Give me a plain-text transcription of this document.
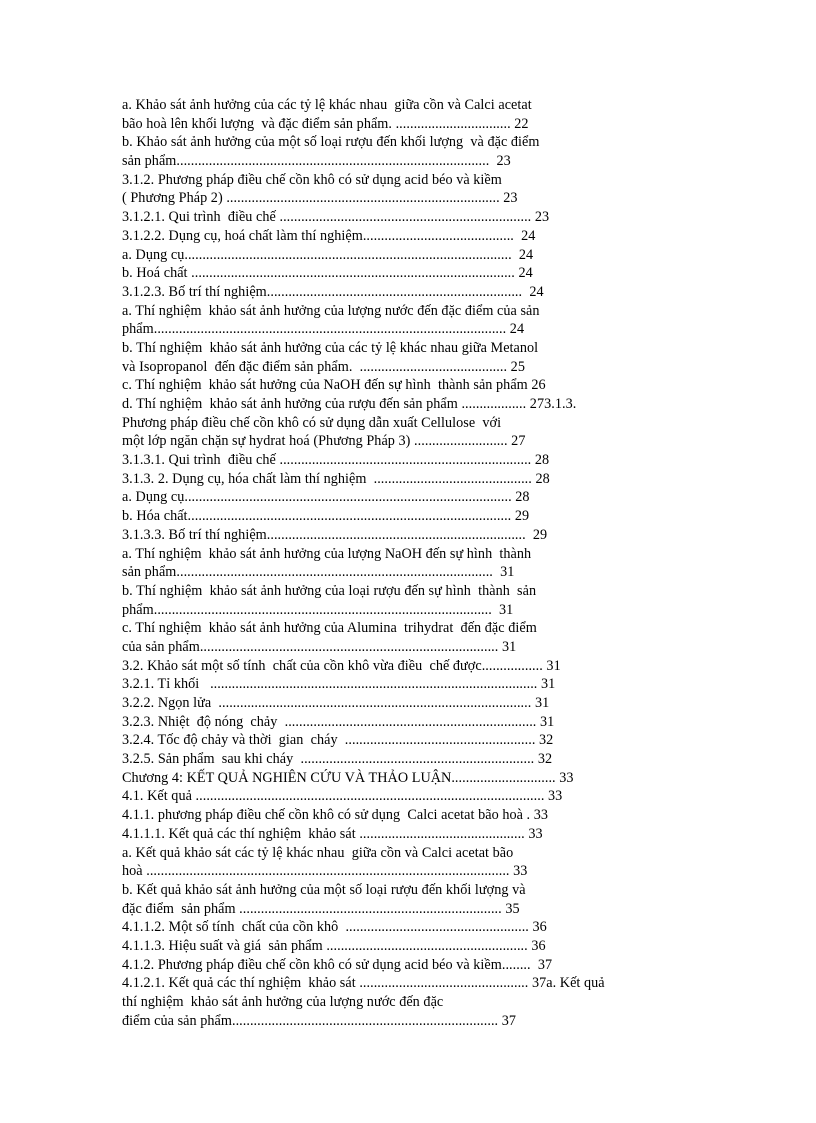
a. Khảo sát ảnh hưởng của các tỷ lệ khác nhau  giữa cồn và Calci acetat
bão hoà lên khối lượng  và đặc điểm sản phẩm. ................................ 22
b. Khảo sát ảnh hưởng của một số loại rượu đến khối lượng  và đặc điểm
sản phẩm.......................................................................................  23
3.1.2. Phương pháp điều chế cồn khô có sử dụng acid béo và kiềm
( Phương Pháp 2) ............................................................................ 23
3.1.2.1. Qui trình  điều chế ...................................................................... 23
3.1.2.2. Dụng cụ, hoá chất làm thí nghiệm..........................................  24
a. Dụng cụ...........................................................................................  24
b. Hoá chất .......................................................................................... 24
3.1.2.3. Bố trí thí nghiệm.......................................................................  24
a. Thí nghiệm  khảo sát ảnh hưởng của lượng nước đến đặc điểm của sản
phẩm.................................................................................................. 24
b. Thí nghiệm  khảo sát ảnh hưởng của các tỷ lệ khác nhau giữa Metanol
và Isopropanol  đến đặc điểm sản phẩm.  ......................................... 25
c. Thí nghiệm  khảo sát hưởng của NaOH đến sự hình  thành sản phẩm 26
d. Thí nghiệm  khảo sát ảnh hưởng của rượu đến sản phẩm .................. 273.1.3.
Phương pháp điều chế cồn khô có sử dụng dẫn xuất Cellulose  với
một lớp ngăn chặn sự hydrat hoá (Phương Pháp 3) .......................... 27
3.1.3.1. Qui trình  điều chế ...................................................................... 28
3.1.3. 2. Dụng cụ, hóa chất làm thí nghiệm  ............................................ 28
a. Dụng cụ........................................................................................... 28
b. Hóa chất.......................................................................................... 29
3.1.3.3. Bố trí thí nghiệm........................................................................  29
a. Thí nghiệm  khảo sát ảnh hưởng của lượng NaOH đến sự hình  thành
sản phẩm........................................................................................  31
b. Thí nghiệm  khảo sát ảnh hưởng của loại rượu đến sự hình  thành  sản
phẩm..............................................................................................  31
c. Thí nghiệm  khảo sát ảnh hưởng của Alumina  trihydrat  đến đặc điểm
của sản phẩm................................................................................... 31
3.2. Khảo sát một số tính  chất của cồn khô vừa điều  chế được................. 31
3.2.1. Tỉ khối   ........................................................................................... 31
3.2.2. Ngọn lửa  ....................................................................................... 31
3.2.3. Nhiệt  độ nóng  chảy  ...................................................................... 31
3.2.4. Tốc độ chảy và thời  gian  cháy  ..................................................... 32
3.2.5. Sản phẩm  sau khi cháy  ................................................................. 32
Chương 4: KẾT QUẢ NGHIÊN CỨU VÀ THẢO LUẬN............................. 33
4.1. Kết quả ................................................................................................. 33
4.1.1. phương pháp điều chế cồn khô có sử dụng  Calci acetat bão hoà . 33
4.1.1.1. Kết quả các thí nghiệm  khảo sát .............................................. 33
a. Kết quả khảo sát các tỷ lệ khác nhau  giữa cồn và Calci acetat bão
hoà ..................................................................................................... 33
b. Kết quả khảo sát ảnh hưởng của một số loại rượu đến khối lượng và
đặc điểm  sản phẩm ......................................................................... 35
4.1.1.2. Một số tính  chất của cồn khô  ................................................... 36
4.1.1.3. Hiệu suất và giá  sản phẩm ........................................................ 36
4.1.2. Phương pháp điều chế cồn khô có sử dụng acid béo và kiềm........  37
4.1.2.1. Kết quả các thí nghiệm  khảo sát ............................................... 37a. Kết quả
thí nghiệm  khảo sát ảnh hưởng của lượng nước đến đặc
điểm của sản phẩm.......................................................................... 37
